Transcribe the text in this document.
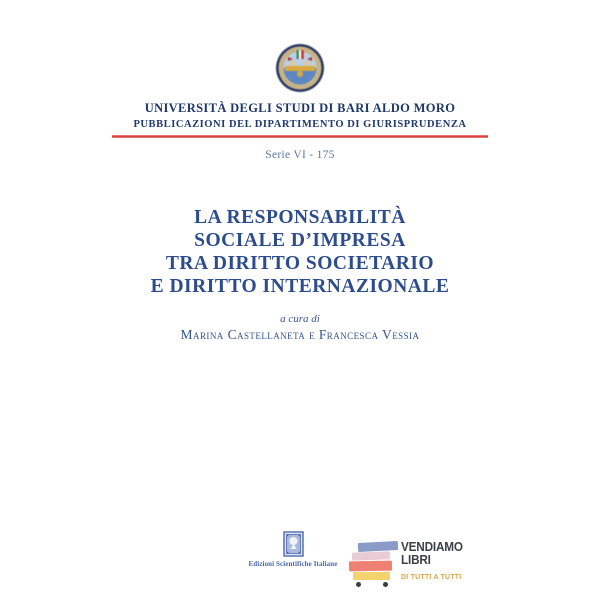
UNIVERSITÀ DEGLI STUDI DI BARI ALDO MORO
PUBBLICAZIONI DEL DIPARTIMENTO DI GIURISPRUDENZA
Serie VI - 175
LA RESPONSABILITÀ
SOCIALE D’IMPRESA
TRA DIRITTO SOCIETARIO
E DIRITTO INTERNAZIONALE
a cura di
Marina Castellaneta e Francesca Vessia
Edizioni Scientifiche Italiane
VENDIAMO
LIBRI
DI TUTTI A TUTTI
